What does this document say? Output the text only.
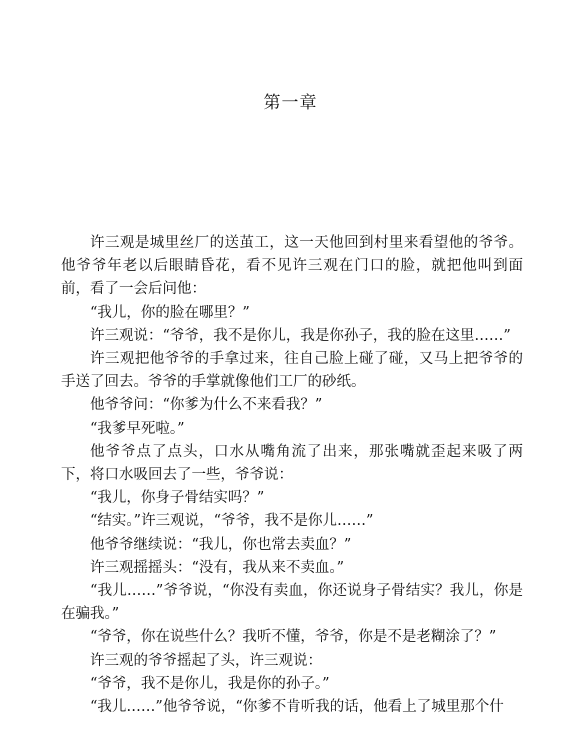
第一章

许三观是城里丝厂的送茧工，这一天他回到村里来看望他的爷爷。他爷爷年老以后眼睛昏花，看不见许三观在门口的脸，就把他叫到面前，看了一会后问他：

“我儿，你的脸在哪里？”

许三观说：“爷爷，我不是你儿，我是你孙子，我的脸在这里……”

许三观把他爷爷的手拿过来，往自己脸上碰了碰，又马上把爷爷的手送了回去。爷爷的手掌就像他们工厂的砂纸。

他爷爷问：“你爹为什么不来看我？”

“我爹早死啦。”

他爷爷点了点头，口水从嘴角流了出来，那张嘴就歪起来吸了两下，将口水吸回去了一些，爷爷说：

“我儿，你身子骨结实吗？”

“结实。”许三观说，“爷爷，我不是你儿……”

他爷爷继续说：“我儿，你也常去卖血？”

许三观摇摇头：“没有，我从来不卖血。”

“我儿……”爷爷说，“你没有卖血，你还说身子骨结实？我儿，你是在骗我。”

“爷爷，你在说些什么？我听不懂，爷爷，你是不是老糊涂了？”

许三观的爷爷摇起了头，许三观说：

“爷爷，我不是你儿，我是你的孙子。”

“我儿……”他爷爷说，“你爹不肯听我的话，他看上了城里那个什
